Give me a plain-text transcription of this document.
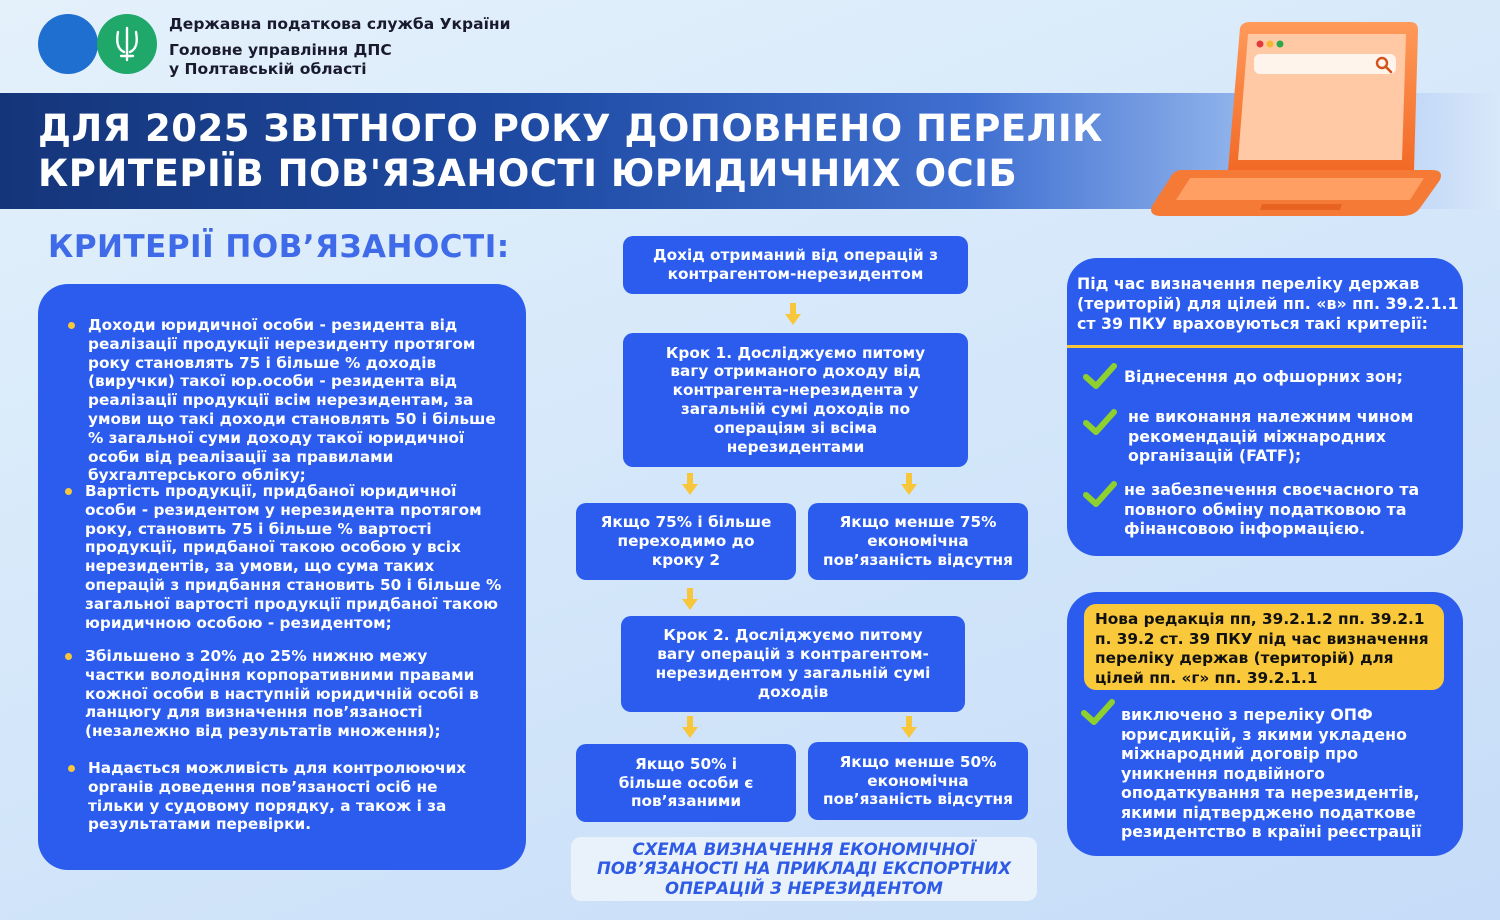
Державна податкова служба України
Головне управління ДПС
у Полтавській області
ДЛЯ 2025 ЗВІТНОГО РОКУ ДОПОВНЕНО ПЕРЕЛІК
КРИТЕРІЇВ ПОВ'ЯЗАНОСТІ ЮРИДИЧНИХ ОСІБ
КРИТЕРІЇ ПОВ’ЯЗАНОСТІ:
Доходи юридичної особи - резидента від реалізації продукції нерезиденту протягом року становлять 75 і більше % доходів (виручки) такої юр.особи - резидента від реалізації продукції всім нерезидентам, за умови що такі доходи становлять 50 і більше % загальної суми доходу такої юридичної особи від реалізації за правилами бухгалтерського обліку;
Вартість продукції, придбаної юридичної особи - резидентом у нерезидента протягом року, становить 75 і більше % вартості продукції, придбаної такою особою у всіх нерезидентів, за умови, що сума таких операцій з придбання становить 50 і більше % загальної вартості продукції придбаної такою юридичною особою - резидентом;
Збільшено з 20% до 25% нижню межу частки володіння корпоративними правами кожної особи в наступній юридичній особі в ланцюгу для визначення пов’язаності (незалежно від результатів множення);
Надається можливість для контролюючих органів доведення пов’язаності осіб не тільки у судовому порядку, а також і за результатами перевірки.
Дохід отриманий від операцій з контрагентом-нерезидентом
Крок 1. Досліджуємо питому вагу отриманого доходу від контрагента-нерезидента у загальній сумі доходів по операціям зі всіма нерезидентами
Якщо 75% і більше переходимо до кроку 2
Якщо менше 75% економічна пов’язаність відсутня
Крок 2. Досліджуємо питому вагу операцій з контрагентом-нерезидентом у загальній сумі доходів
Якщо 50% і більше особи є пов’язаними
Якщо менше 50% економічна пов’язаність відсутня
СХЕМА ВИЗНАЧЕННЯ ЕКОНОМІЧНОЇ ПОВ’ЯЗАНОСТІ НА ПРИКЛАДІ ЕКСПОРТНИХ ОПЕРАЦІЙ З НЕРЕЗИДЕНТОМ
Під час визначення переліку держав (територій) для цілей пп. «в» пп. 39.2.1.1 ст 39 ПКУ враховуються такі критерії:
Віднесення до офшорних зон;
не виконання належним чином рекомендацій міжнародних організацій (FATF);
не забезпечення своєчасного та повного обміну податковою та фінансовою інформацією.
Нова редакція пп, 39.2.1.2 пп. 39.2.1 п. 39.2 ст. 39 ПКУ під час визначення переліку держав (територій) для цілей пп. «г» пп. 39.2.1.1
виключено з переліку ОПФ юрисдикцій, з якими укладено міжнародний договір про уникнення подвійного оподаткування та нерезидентів, якими підтверджено податкове резидентство в країні реєстрації
